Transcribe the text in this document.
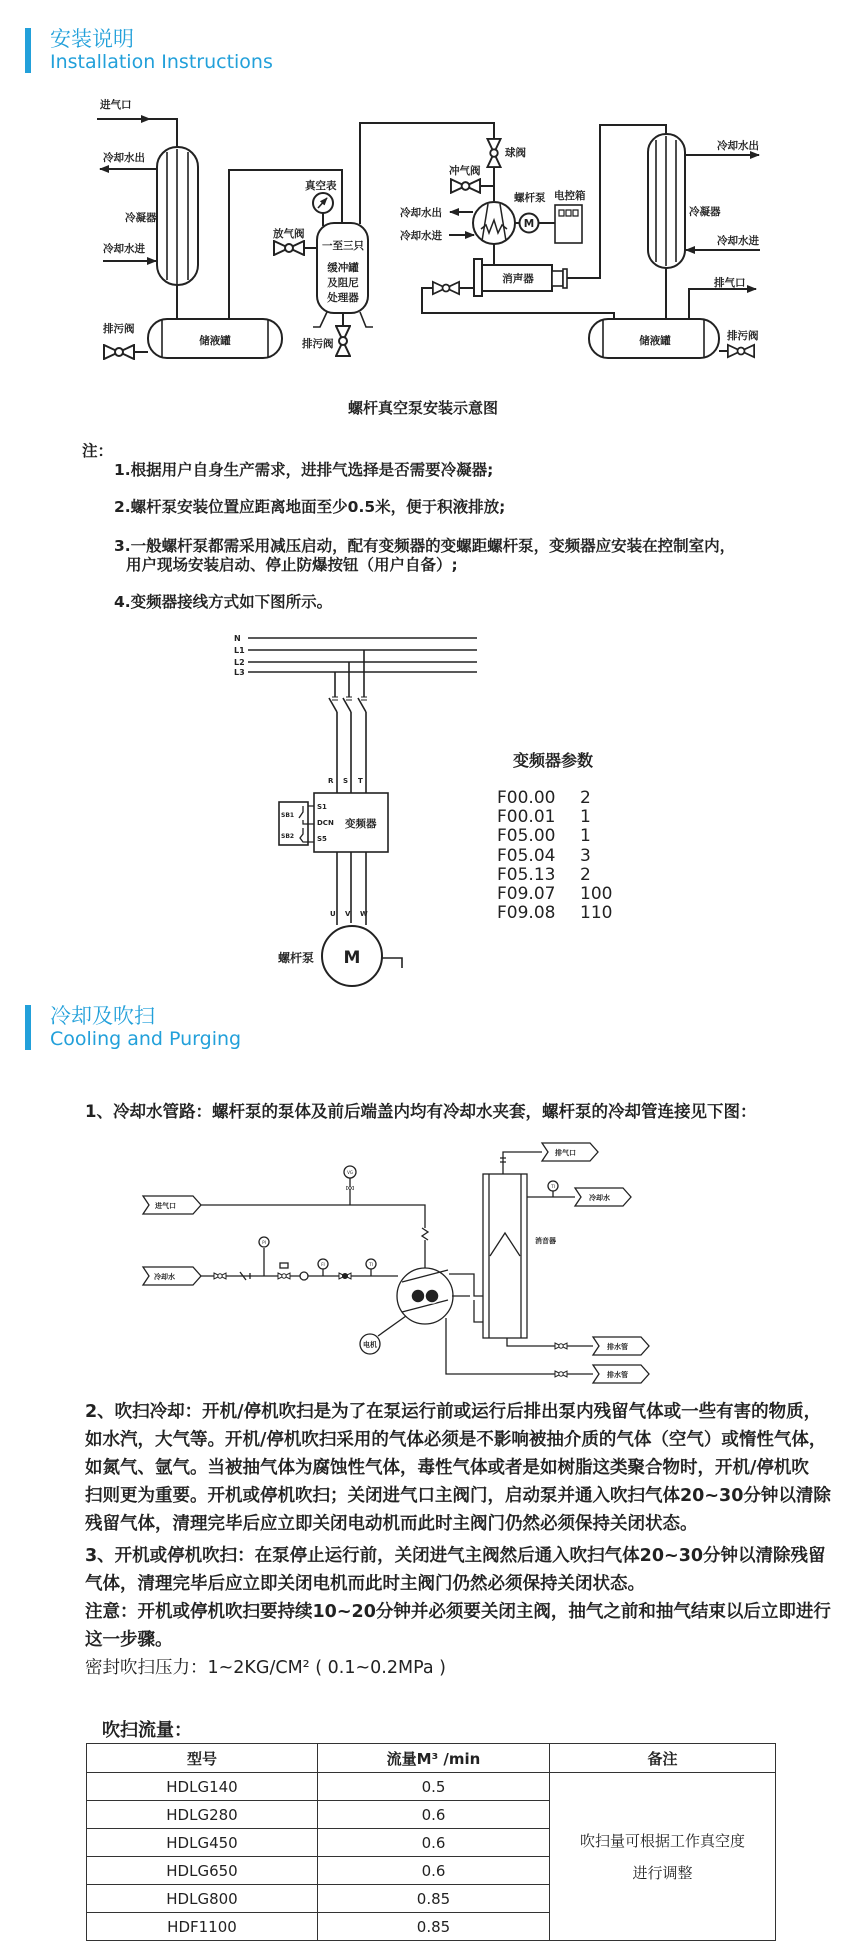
安装说明
Installation Instructions
进气口
冷却水出
冷凝器
冷却水进
储液罐
排污阀
真空表
一至三只
缓冲罐
及阻尼
处理器
放气阀
排污阀
球阀
冲气阀
螺杆泵
M
电控箱
冷却水出
冷却水进
消声器
冷却水出
冷凝器
冷却水进
储液罐
排气口
排污阀
N
L1
L2
L3
R S T
S1
DCN
S5
变频器
SB1
SB2
U V W
M
螺杆泵
变频器参数
F00.00 2
F00.01 1
F05.00 1
F05.04 3
F05.13 2
F09.07 100
F09.08 110
进气口
VG
冷却水
PI
FI	TI
电机
消音器
排气口
TI
冷却水
排水管
排水管
螺杆真空泵安装示意图
注：
1.根据用户自身生产需求，进排气选择是否需要冷凝器;
2.螺杆泵安装位置应距离地面至少0.5米，便于积液排放;
3.一般螺杆泵都需采用减压启动，配有变频器的变螺距螺杆泵，变频器应安装在控制室内，
用户现场安装启动、停止防爆按钮（用户自备）;
4.变频器接线方式如下图所示。
冷却及吹扫
Cooling and Purging
1、冷却水管路：螺杆泵的泵体及前后端盖内均有冷却水夹套，螺杆泵的冷却管连接见下图：
2、吹扫冷却：开机/停机吹扫是为了在泵运行前或运行后排出泵内残留气体或一些有害的物质，
如水汽，大气等。开机/停机吹扫采用的气体必须是不影响被抽介质的气体（空气）或惰性气体，
如氮气、氩气。当被抽气体为腐蚀性气体，毒性气体或者是如树脂这类聚合物时，开机/停机吹
扫则更为重要。开机或停机吹扫；关闭进气口主阀门，启动泵并通入吹扫气体20~30分钟以清除
残留气体，清理完毕后应立即关闭电动机而此时主阀门仍然必须保持关闭状态。
3、开机或停机吹扫：在泵停止运行前，关闭进气主阀然后通入吹扫气体20~30分钟以清除残留
气体，清理完毕后应立即关闭电机而此时主阀门仍然必须保持关闭状态。
注意：开机或停机吹扫要持续10~20分钟并必须要关闭主阀，抽气之前和抽气结束以后立即进行
这一步骤。
密封吹扫压力：1~2KG/CM² ( 0.1~0.2MPa )
吹扫流量：
型号	流量M³ /min	备注
HDLG140	0.5	吹扫量可根据工作真空度
进行调整

HDLG280	0.6	
HDLG450	0.6	
HDLG650	0.6	
HDLG800	0.85	
HDF1100	0.85	
